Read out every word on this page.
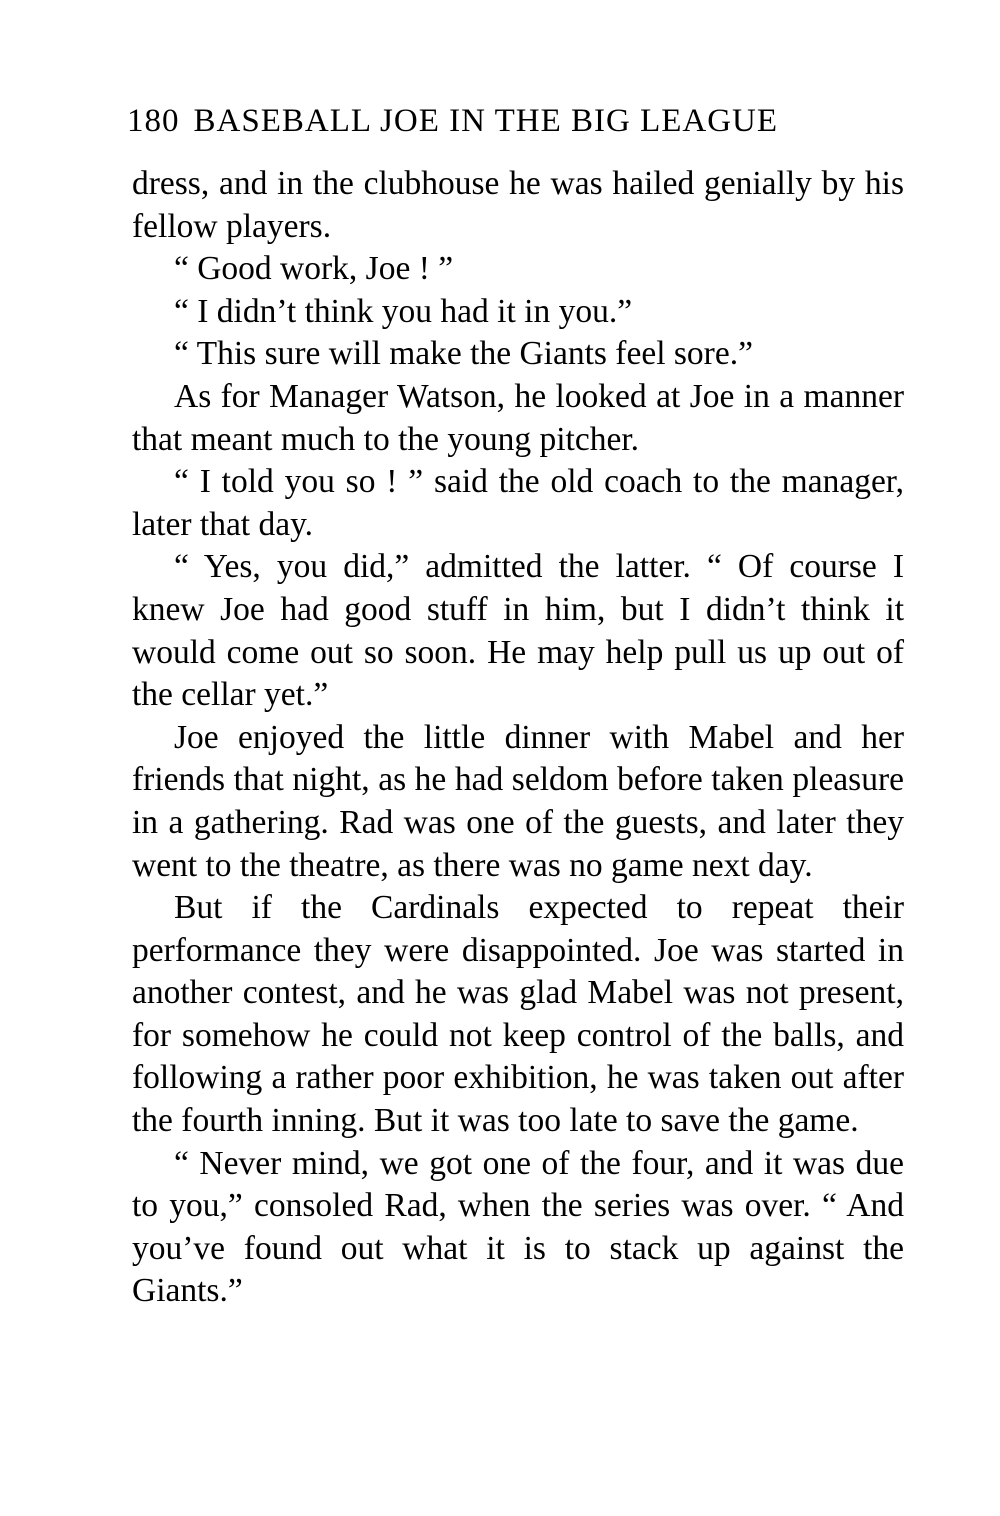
180 BASEBALL JOE IN THE BIG LEAGUE

dress, and in the clubhouse he was hailed genially by his fellow players.

“ Good work, Joe ! ”

“ I didn’t think you had it in you.”

“ This sure will make the Giants feel sore.”

As for Manager Watson, he looked at Joe in a manner that meant much to the young pitcher.

“ I told you so ! ” said the old coach to the manager, later that day.

“ Yes, you did,” admitted the latter. “ Of course I knew Joe had good stuff in him, but I didn’t think it would come out so soon. He may help pull us up out of the cellar yet.”

Joe enjoyed the little dinner with Mabel and her friends that night, as he had seldom before taken pleasure in a gathering. Rad was one of the guests, and later they went to the theatre, as there was no game next day.

But if the Cardinals expected to repeat their performance they were disappointed. Joe was started in another contest, and he was glad Mabel was not present, for somehow he could not keep control of the balls, and following a rather poor exhibition, he was taken out after the fourth inning. But it was too late to save the game.

“ Never mind, we got one of the four, and it was due to you,” consoled Rad, when the series was over. “ And you’ve found out what it is to stack up against the Giants.”
